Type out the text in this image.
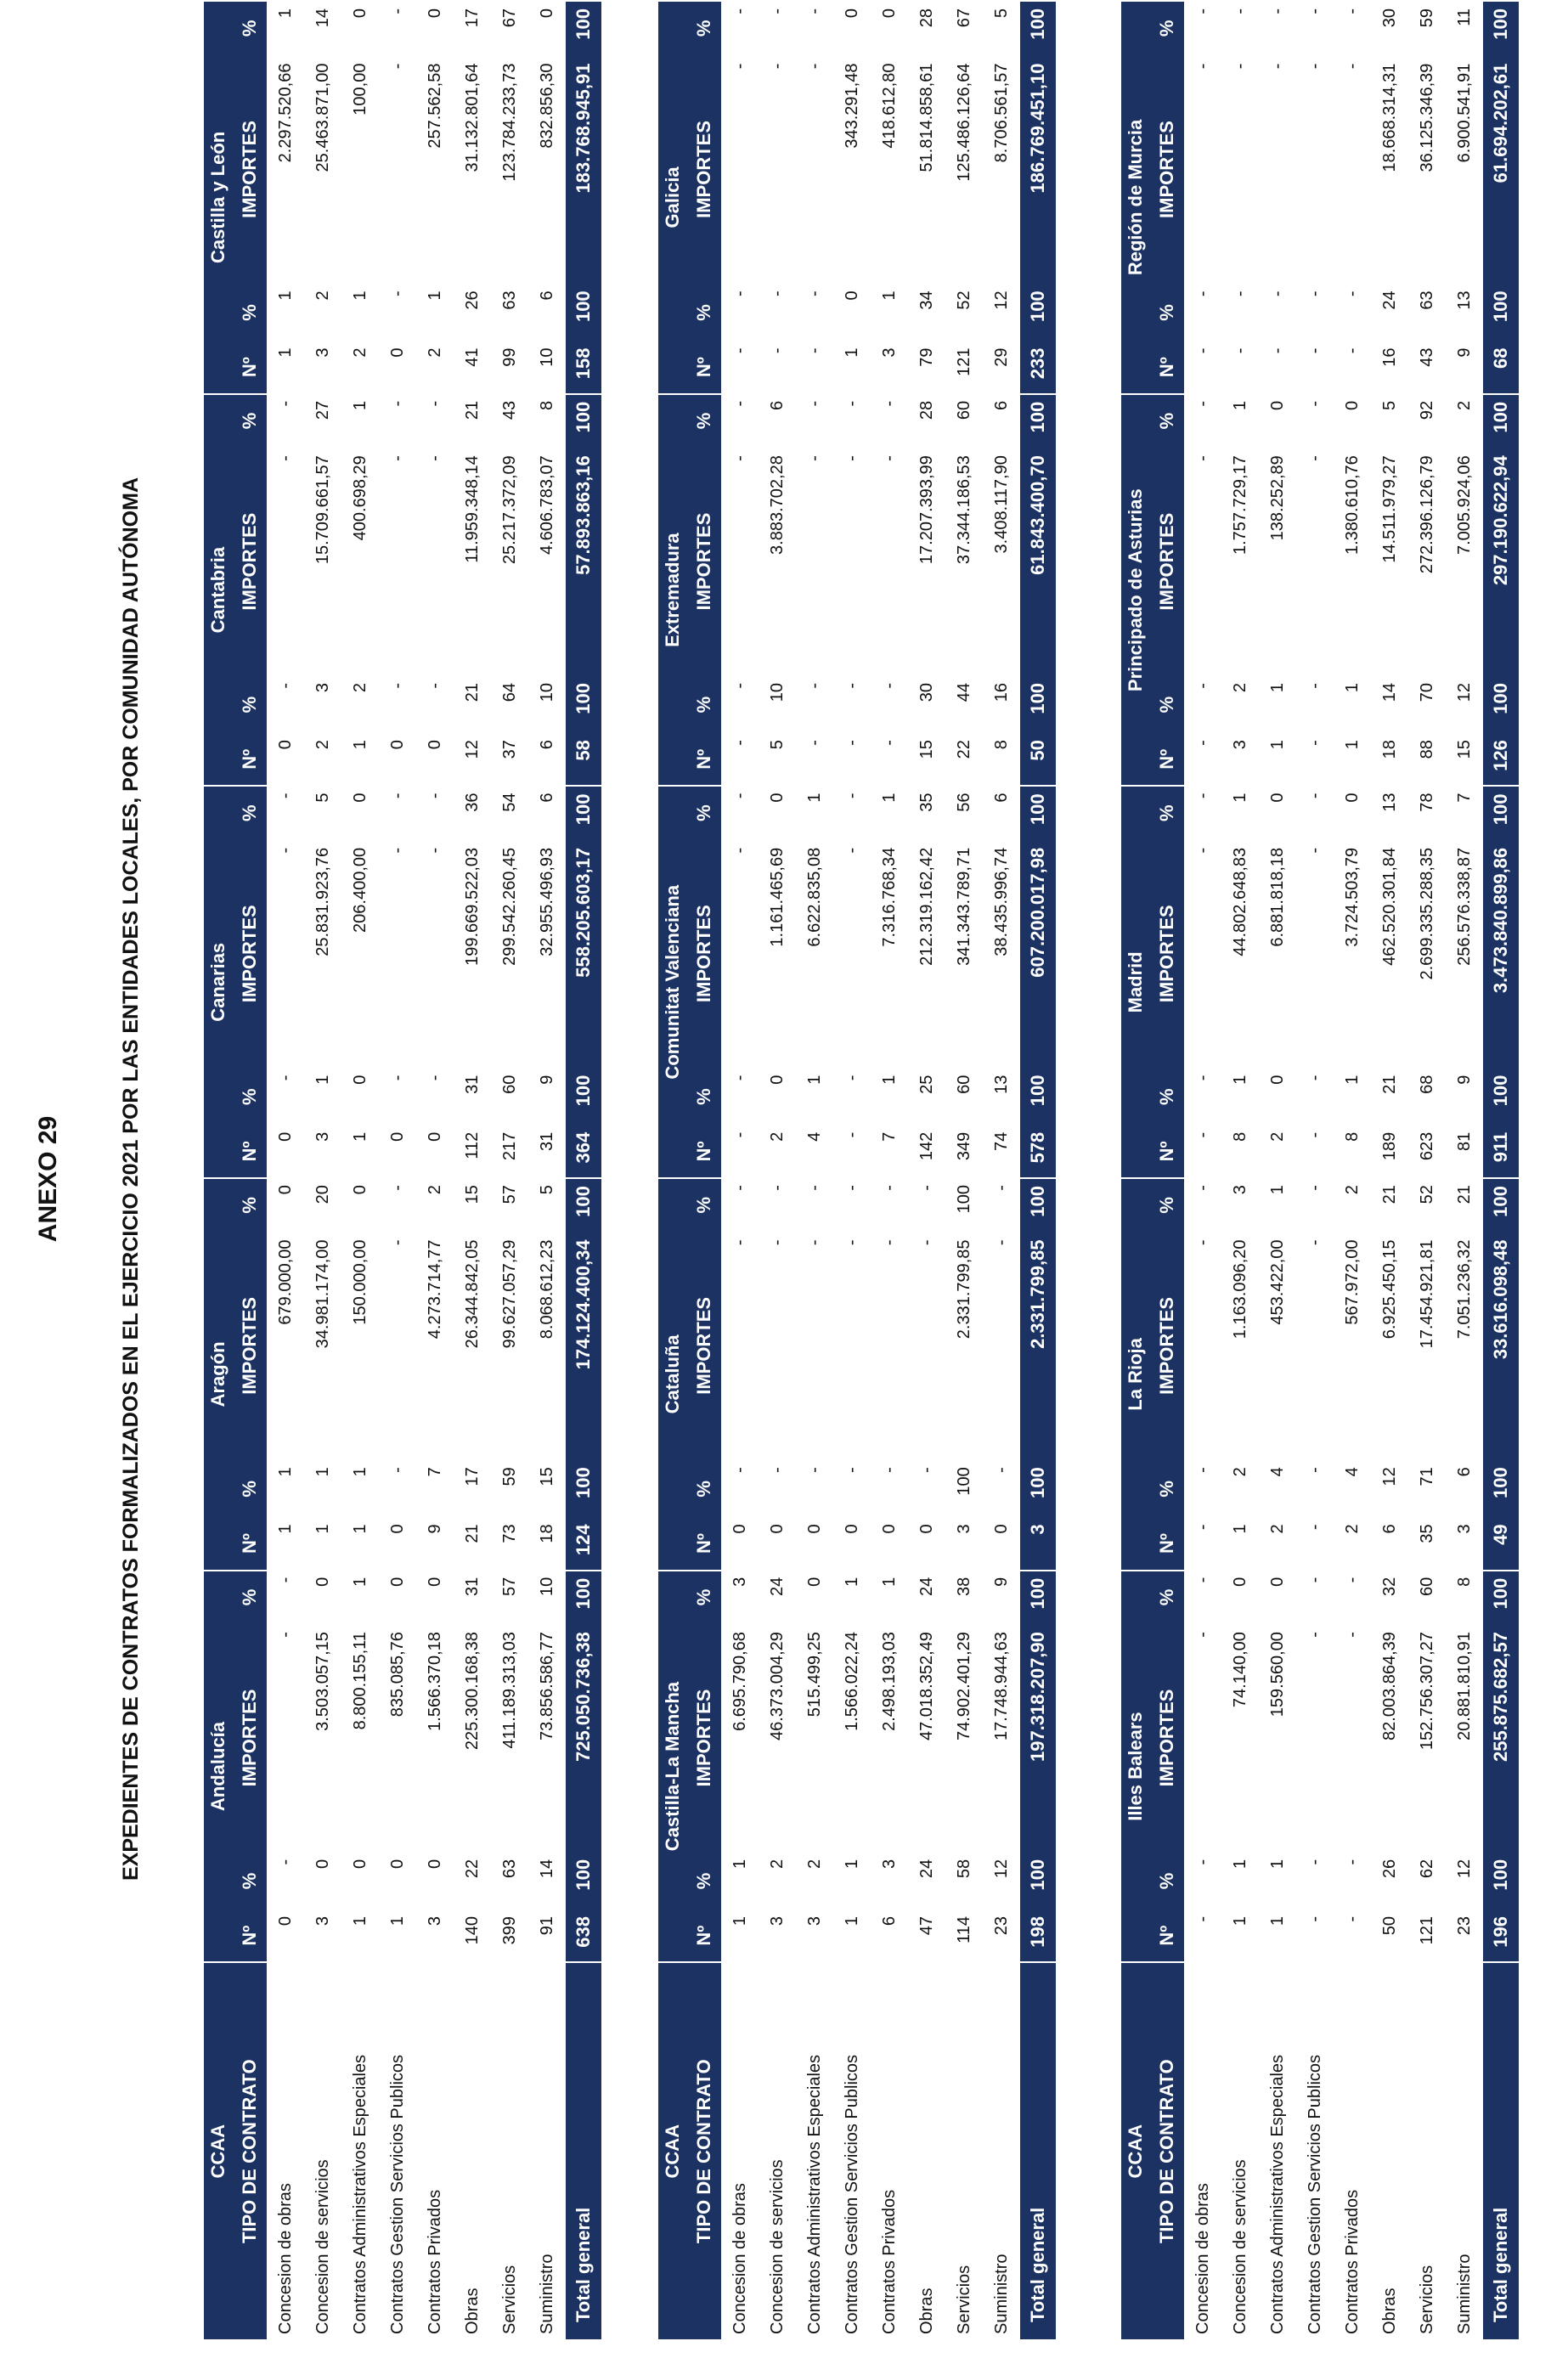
ANEXO 29	EXPEDIENTES DE CONTRATOS FORMALIZADOS EN EL EJERCICIO 2021 POR LAS ENTIDADES LOCALES, POR COMUNIDAD AUTÓNOMA
CCAA	Andalucía				Aragón				Canarias				Cantabria				Castilla y León			
TIPO DE CONTRATO	Nº	%	IMPORTES	%	Nº	%	IMPORTES	%	Nº	%	IMPORTES	%	Nº	%	IMPORTES	%	Nº	%	IMPORTES	%
Concesion de obras	0	-	-	-	1	1	679.000,00	0	0	-	-	-	0	-	-	-	1	1	2.297.520,66	1
Concesion de servicios	3	0	3.503.057,15	0	1	1	34.981.174,00	20	3	1	25.831.923,76	5	2	3	15.709.661,57	27	3	2	25.463.871,00	14
Contratos Administrativos Especiales	1	0	8.800.155,11	1	1	1	150.000,00	0	1	0	206.400,00	0	1	2	400.698,29	1	2	1	100,00	0
Contratos Gestion Servicios Publicos	1	0	835.085,76	0	0	-	-	-	0	-	-	-	0	-	-	-	0	-	-	-
Contratos Privados	3	0	1.566.370,18	0	9	7	4.273.714,77	2	0	-	-	-	0	-	-	-	2	1	257.562,58	0
Obras	140	22	225.300.168,38	31	21	17	26.344.842,05	15	112	31	199.669.522,03	36	12	21	11.959.348,14	21	41	26	31.132.801,64	17
Servicios	399	63	411.189.313,03	57	73	59	99.627.057,29	57	217	60	299.542.260,45	54	37	64	25.217.372,09	43	99	63	123.784.233,73	67
Suministro	91	14	73.856.586,77	10	18	15	8.068.612,23	5	31	9	32.955.496,93	6	6	10	4.606.783,07	8	10	6	832.856,30	0
Total general	638	100	725.050.736,38	100	124	100	174.124.400,34	100	364	100	558.205.603,17	100	58	100	57.893.863,16	100	158	100	183.768.945,91	100
CCAA	Castilla-La Mancha				Cataluña				Comunitat Valenciana				Extremadura				Galicia			
TIPO DE CONTRATO	Nº	%	IMPORTES	%	Nº	%	IMPORTES	%	Nº	%	IMPORTES	%	Nº	%	IMPORTES	%	Nº	%	IMPORTES	%
Concesion de obras	1	1	6.695.790,68	3	0	-	-	-	-	-	-	-	-	-	-	-	-	-	-	-
Concesion de servicios	3	2	46.373.004,29	24	0	-	-	-	2	0	1.161.465,69	0	5	10	3.883.702,28	6	-	-	-	-
Contratos Administrativos Especiales	3	2	515.499,25	0	0	-	-	-	4	1	6.622.835,08	1	-	-	-	-	-	-	-	-
Contratos Gestion Servicios Publicos	1	1	1.566.022,24	1	0	-	-	-	-	-	-	-	-	-	-	-	1	0	343.291,48	0
Contratos Privados	6	3	2.498.193,03	1	0	-	-	-	7	1	7.316.768,34	1	-	-	-	-	3	1	418.612,80	0
Obras	47	24	47.018.352,49	24	0	-	-	-	142	25	212.319.162,42	35	15	30	17.207.393,99	28	79	34	51.814.858,61	28
Servicios	114	58	74.902.401,29	38	3	100	2.331.799,85	100	349	60	341.343.789,71	56	22	44	37.344.186,53	60	121	52	125.486.126,64	67
Suministro	23	12	17.748.944,63	9	0	-	-	-	74	13	38.435.996,74	6	8	16	3.408.117,90	6	29	12	8.706.561,57	5
Total general	198	100	197.318.207,90	100	3	100	2.331.799,85	100	578	100	607.200.017,98	100	50	100	61.843.400,70	100	233	100	186.769.451,10	100
CCAA	Illes Balears				La Rioja				Madrid				Principado de Asturias				Región de Murcia			
TIPO DE CONTRATO	Nº	%	IMPORTES	%	Nº	%	IMPORTES	%	Nº	%	IMPORTES	%	Nº	%	IMPORTES	%	Nº	%	IMPORTES	%
Concesion de obras	-	-	-	-	-	-	-	-	-	-	-	-	-	-	-	-	-	-	-	-
Concesion de servicios	1	1	74.140,00	0	1	2	1.163.096,20	3	8	1	44.802.648,83	1	3	2	1.757.729,17	1	-	-	-	-
Contratos Administrativos Especiales	1	1	159.560,00	0	2	4	453.422,00	1	2	0	6.881.818,18	0	1	1	138.252,89	0	-	-	-	-
Contratos Gestion Servicios Publicos	-	-	-	-	-	-	-	-	-	-	-	-	-	-	-	-	-	-	-	-
Contratos Privados	-	-	-	-	2	4	567.972,00	2	8	1	3.724.503,79	0	1	1	1.380.610,76	0	-	-	-	-
Obras	50	26	82.003.864,39	32	6	12	6.925.450,15	21	189	21	462.520.301,84	13	18	14	14.511.979,27	5	16	24	18.668.314,31	30
Servicios	121	62	152.756.307,27	60	35	71	17.454.921,81	52	623	68	2.699.335.288,35	78	88	70	272.396.126,79	92	43	63	36.125.346,39	59
Suministro	23	12	20.881.810,91	8	3	6	7.051.236,32	21	81	9	256.576.338,87	7	15	12	7.005.924,06	2	9	13	6.900.541,91	11
Total general	196	100	255.875.682,57	100	49	100	33.616.098,48	100	911	100	3.473.840.899,86	100	126	100	297.190.622,94	100	68	100	61.694.202,61	100
